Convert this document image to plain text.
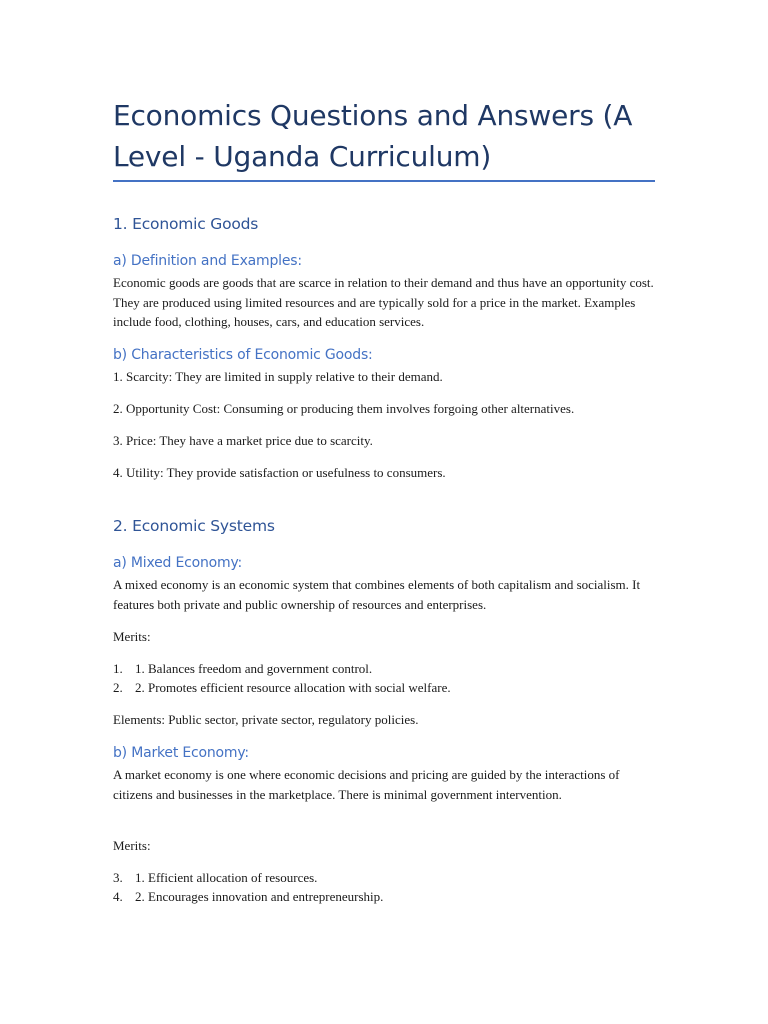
Economics Questions and Answers (A Level - Uganda Curriculum)
1. Economic Goods
a) Definition and Examples:

Economic goods are goods that are scarce in relation to their demand and thus have an opportunity cost. They are produced using limited resources and are typically sold for a price in the market. Examples include food, clothing, houses, cars, and education services.

b) Characteristics of Economic Goods:

1. Scarcity: They are limited in supply relative to their demand.

2. Opportunity Cost: Consuming or producing them involves forgoing other alternatives.

3. Price: They have a market price due to scarcity.

4. Utility: They provide satisfaction or usefulness to consumers.

2. Economic Systems
a) Mixed Economy:

A mixed economy is an economic system that combines elements of both capitalism and socialism. It features both private and public ownership of resources and enterprises.

Merits:

1. 1. Balances freedom and government control.
2. 2. Promotes efficient resource allocation with social welfare.

Elements: Public sector, private sector, regulatory policies.

b) Market Economy:

A market economy is one where economic decisions and pricing are guided by the interactions of citizens and businesses in the marketplace. There is minimal government intervention.

Merits:

3. 1. Efficient allocation of resources.
4. 2. Encourages innovation and entrepreneurship.
